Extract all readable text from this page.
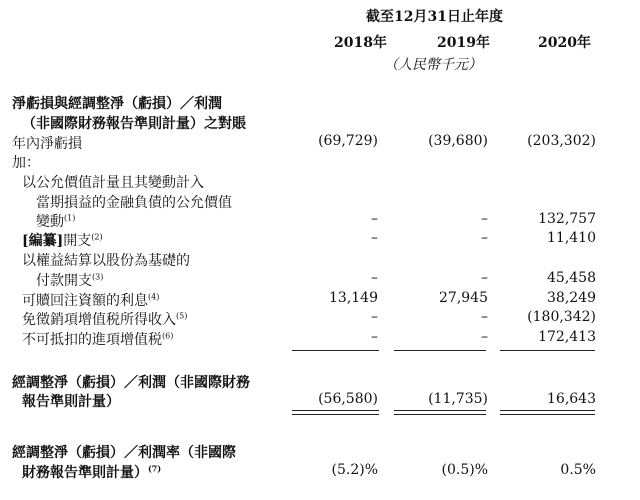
截至12月31日止年度
2018年	2019年	2020年
（人民幣千元）
淨虧損與經調整淨（虧損）／利潤
（非國際財務報告準則計量）之對賬
年內淨虧損	(69,729)	(39,680)	(203,302)
加：
以公允價值計量且其變動計入
當期損益的金融負債的公允價值
變動$^{(1)}$	–	–	132,757
[編纂]開支$^{(2)}$	–	–	11,410
以權益結算以股份為基礎的
付款開支$^{(3)}$	–	–	45,458
可贖回注資額的利息$^{(4)}$	13,149	27,945	38,249
免徵銷項增值税所得收入$^{(5)}$	–	–	(180,342)
不可抵扣的進項增值税$^{(6)}$	–	–	172,413
經調整淨（虧損）／利潤（非國際財務
報告準則計量）	(56,580)	(11,735)	16,643
經調整淨（虧損）／利潤率（非國際
財務報告準則計量）$^{(7)}$	(5.2)%	(0.5)%	0.5%
